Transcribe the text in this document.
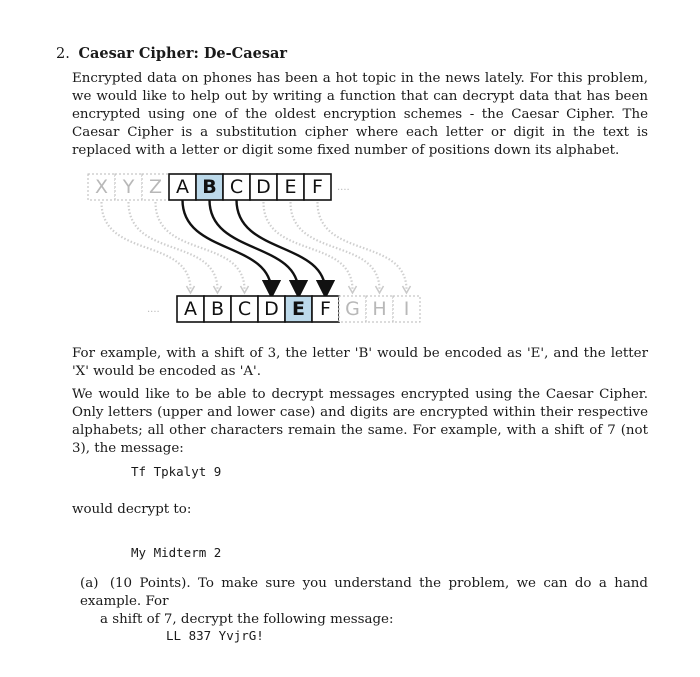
2. Caesar Cipher: De-Caesar
Encrypted data on phones has been a hot topic in the news lately. For this problem, we would like to help out by writing a function that can decrypt data that has been encrypted using one of the oldest encryption schemes - the Caesar Cipher. The Caesar Cipher is a substitution cipher where each letter or digit in the text is replaced with a letter or digit some fixed number of positions down its alphabet.
X Y Z A B C D E F ....
.... A B C D E F G H I
For example, with a shift of 3, the letter 'B' would be encoded as 'E', and the letter 'X' would be encoded as 'A'.
We would like to be able to decrypt messages encrypted using the Caesar Cipher. Only letters (upper and lower case) and digits are encrypted within their respective alphabets; all other characters remain the same. For example, with a shift of 7 (not 3), the message:
Tf Tpkalyt 9
would decrypt to:
My Midterm 2
(a) (10 Points). To make sure you understand the problem, we can do a hand example. For
a shift of 7, decrypt the following message:
LL 837 YvjrG!
